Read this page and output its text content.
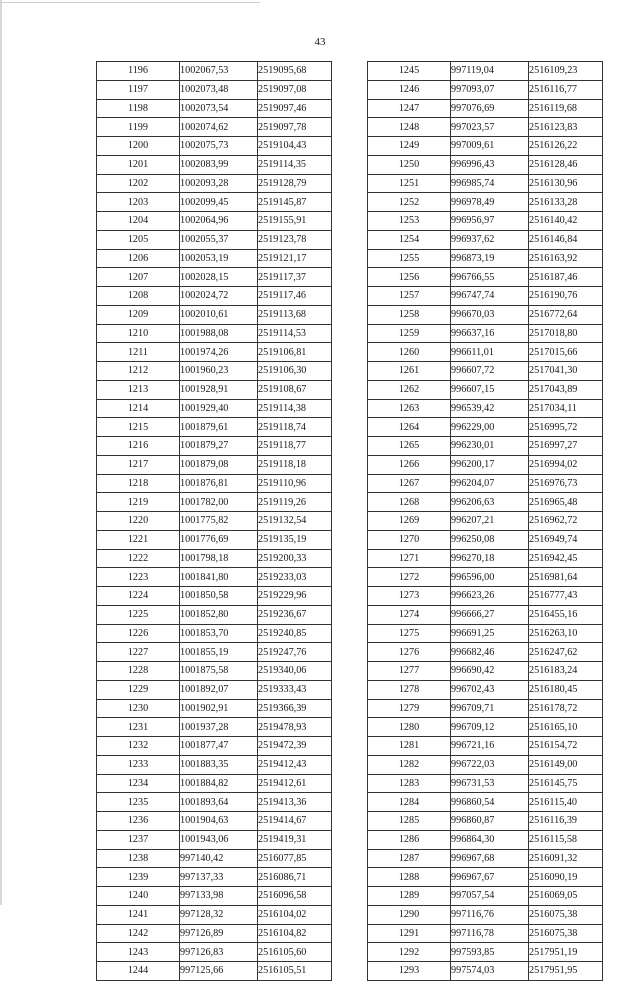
43
1196	1002067,53	2519095,68
1197	1002073,48	2519097,08
1198	1002073,54	2519097,46
1199	1002074,62	2519097,78
1200	1002075,73	2519104,43
1201	1002083,99	2519114,35
1202	1002093,28	2519128,79
1203	1002099,45	2519145,87
1204	1002064,96	2519155,91
1205	1002055,37	2519123,78
1206	1002053,19	2519121,17
1207	1002028,15	2519117,37
1208	1002024,72	2519117,46
1209	1002010,61	2519113,68
1210	1001988,08	2519114,53
1211	1001974,26	2519106,81
1212	1001960,23	2519106,30
1213	1001928,91	2519108,67
1214	1001929,40	2519114,38
1215	1001879,61	2519118,74
1216	1001879,27	2519118,77
1217	1001879,08	2519118,18
1218	1001876,81	2519110,96
1219	1001782,00	2519119,26
1220	1001775,82	2519132,54
1221	1001776,69	2519135,19
1222	1001798,18	2519200,33
1223	1001841,80	2519233,03
1224	1001850,58	2519229,96
1225	1001852,80	2519236,67
1226	1001853,70	2519240,85
1227	1001855,19	2519247,76
1228	1001875,58	2519340,06
1229	1001892,07	2519333,43
1230	1001902,91	2519366,39
1231	1001937,28	2519478,93
1232	1001877,47	2519472,39
1233	1001883,35	2519412,43
1234	1001884,82	2519412,61
1235	1001893,64	2519413,36
1236	1001904,63	2519414,67
1237	1001943,06	2519419,31
1238	997140,42	2516077,85
1239	997137,33	2516086,71
1240	997133,98	2516096,58
1241	997128,32	2516104,02
1242	997126,89	2516104,82
1243	997126,83	2516105,60
1244	997125,66	2516105,51
1245	997119,04	2516109,23
1246	997093,07	2516116,77
1247	997076,69	2516119,68
1248	997023,57	2516123,83
1249	997009,61	2516126,22
1250	996996,43	2516128,46
1251	996985,74	2516130,96
1252	996978,49	2516133,28
1253	996956,97	2516140,42
1254	996937,62	2516146,84
1255	996873,19	2516163,92
1256	996766,55	2516187,46
1257	996747,74	2516190,76
1258	996670,03	2516772,64
1259	996637,16	2517018,80
1260	996611,01	2517015,66
1261	996607,72	2517041,30
1262	996607,15	2517043,89
1263	996539,42	2517034,11
1264	996229,00	2516995,72
1265	996230,01	2516997,27
1266	996200,17	2516994,02
1267	996204,07	2516976,73
1268	996206,63	2516965,48
1269	996207,21	2516962,72
1270	996250,08	2516949,74
1271	996270,18	2516942,45
1272	996596,00	2516981,64
1273	996623,26	2516777,43
1274	996666,27	2516455,16
1275	996691,25	2516263,10
1276	996682,46	2516247,62
1277	996690,42	2516183,24
1278	996702,43	2516180,45
1279	996709,71	2516178,72
1280	996709,12	2516165,10
1281	996721,16	2516154,72
1282	996722,03	2516149,00
1283	996731,53	2516145,75
1284	996860,54	2516115,40
1285	996860,87	2516116,39
1286	996864,30	2516115,58
1287	996967,68	2516091,32
1288	996967,67	2516090,19
1289	997057,54	2516069,05
1290	997116,76	2516075,38
1291	997116,78	2516075,38
1292	997593,85	2517951,19
1293	997574,03	2517951,95
